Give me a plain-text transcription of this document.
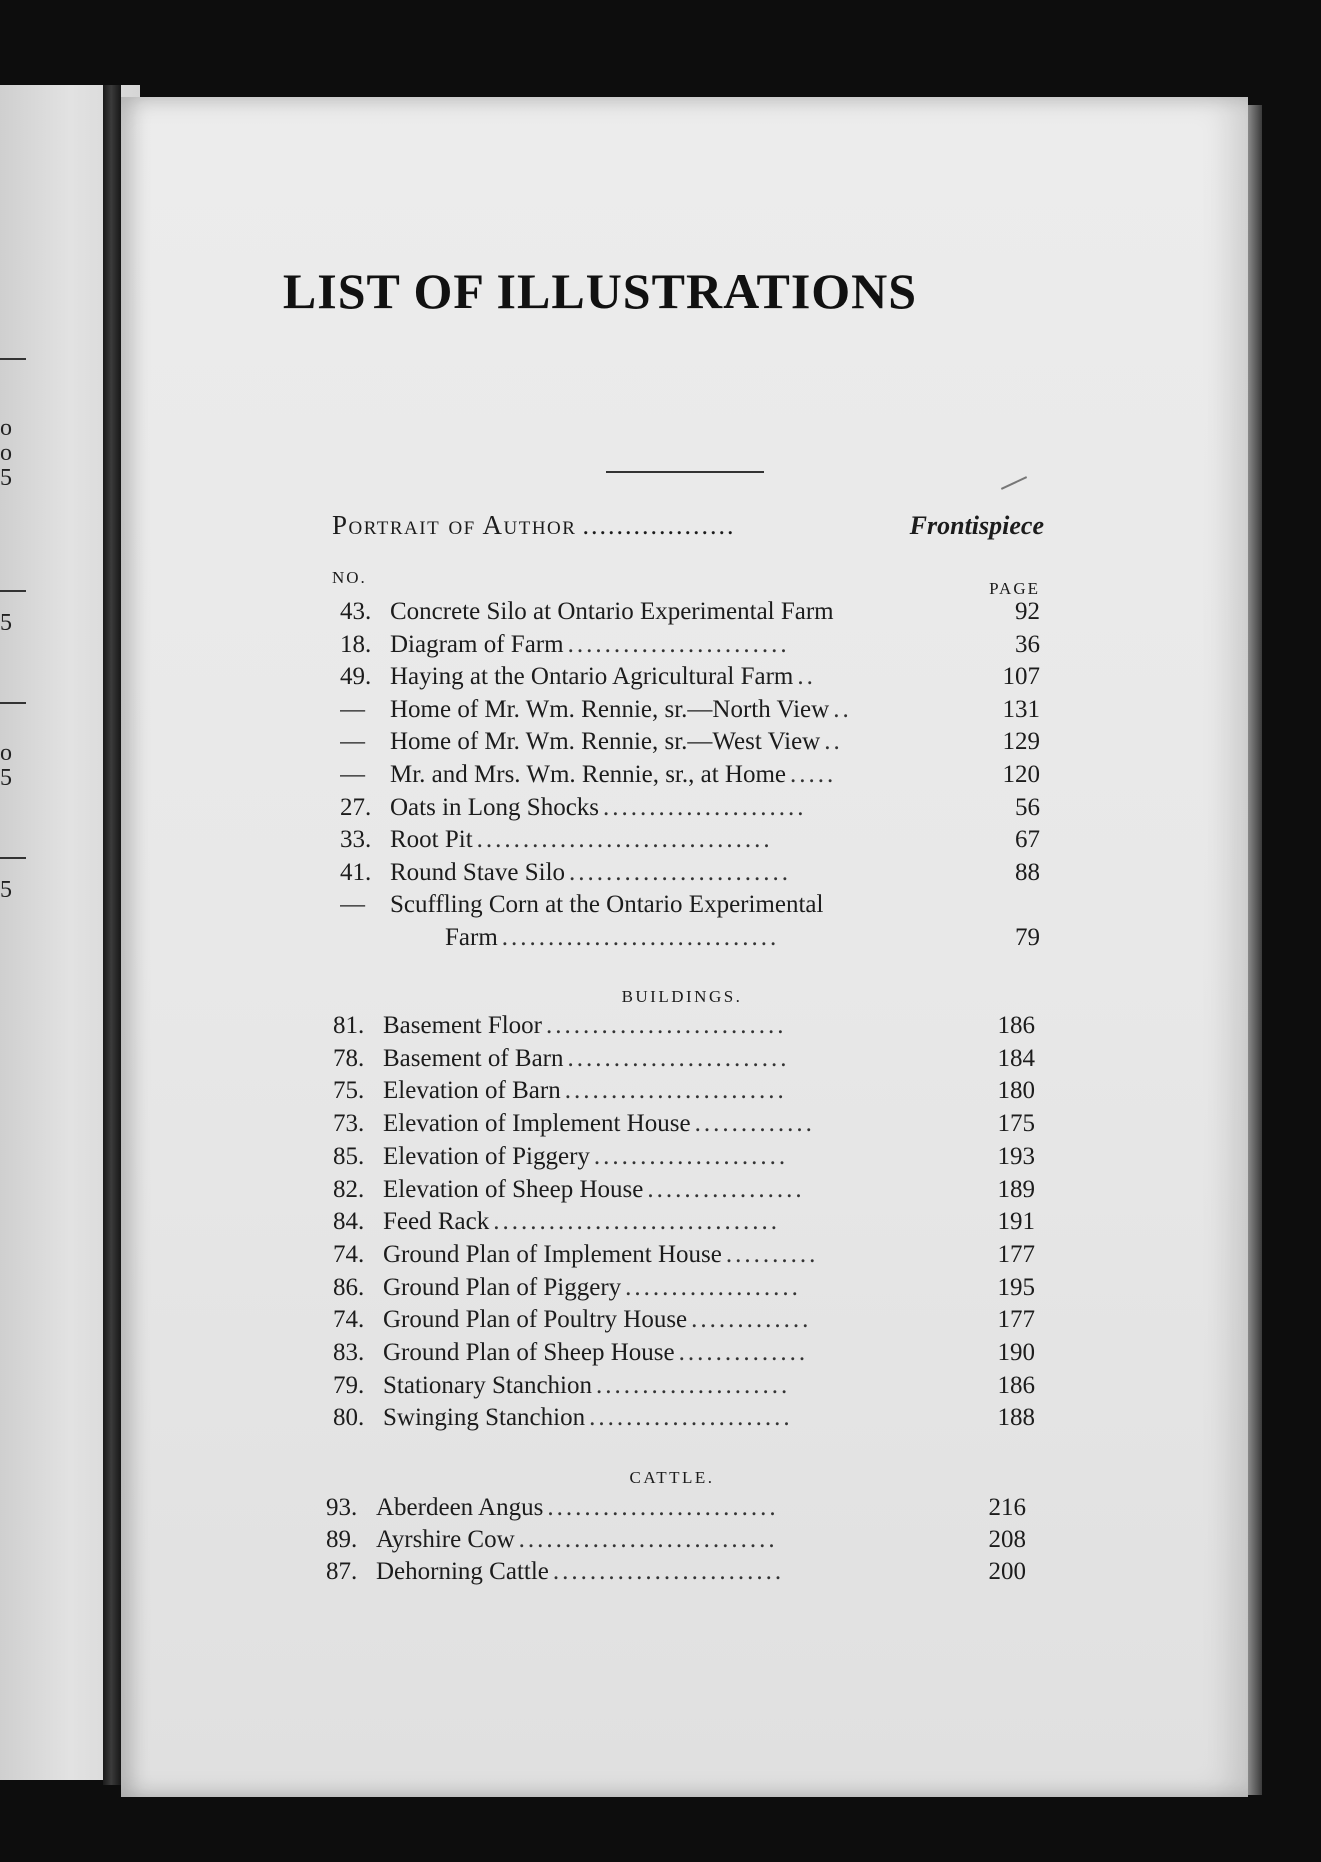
o
o
5
5
o
5
5
LIST OF ILLUSTRATIONS
Portrait of Author ..................	Frontispiece
NO.
PAGE
43. Concrete Silo at Ontario Experimental Farm	92
18. Diagram of Farm ........................	36
49. Haying at the Ontario Agricultural Farm ..	107
—	Home of Mr. Wm. Rennie, sr.—North View ..	131
—	Home of Mr. Wm. Rennie, sr.—West View ..	129
—	Mr. and Mrs. Wm. Rennie, sr., at Home .....	120
27. Oats in Long Shocks ......................	56
33. Root Pit ................................	67
41. Round Stave Silo ........................	88
—	Scuffling Corn at the Ontario Experimental
Farm ..............................	79
BUILDINGS.
81. Basement Floor ..........................	186
78. Basement of Barn ........................	184
75. Elevation of Barn ........................	180
73. Elevation of Implement House .............	175
85. Elevation of Piggery .....................	193
82. Elevation of Sheep House .................	189
84. Feed Rack ...............................	191
74. Ground Plan of Implement House ..........	177
86. Ground Plan of Piggery ...................	195
74. Ground Plan of Poultry House .............	177
83. Ground Plan of Sheep House ..............	190
79. Stationary Stanchion .....................	186
80. Swinging Stanchion ......................	188
CATTLE.
93. Aberdeen Angus .........................	216
89. Ayrshire Cow ............................	208
87. Dehorning Cattle .........................	200
